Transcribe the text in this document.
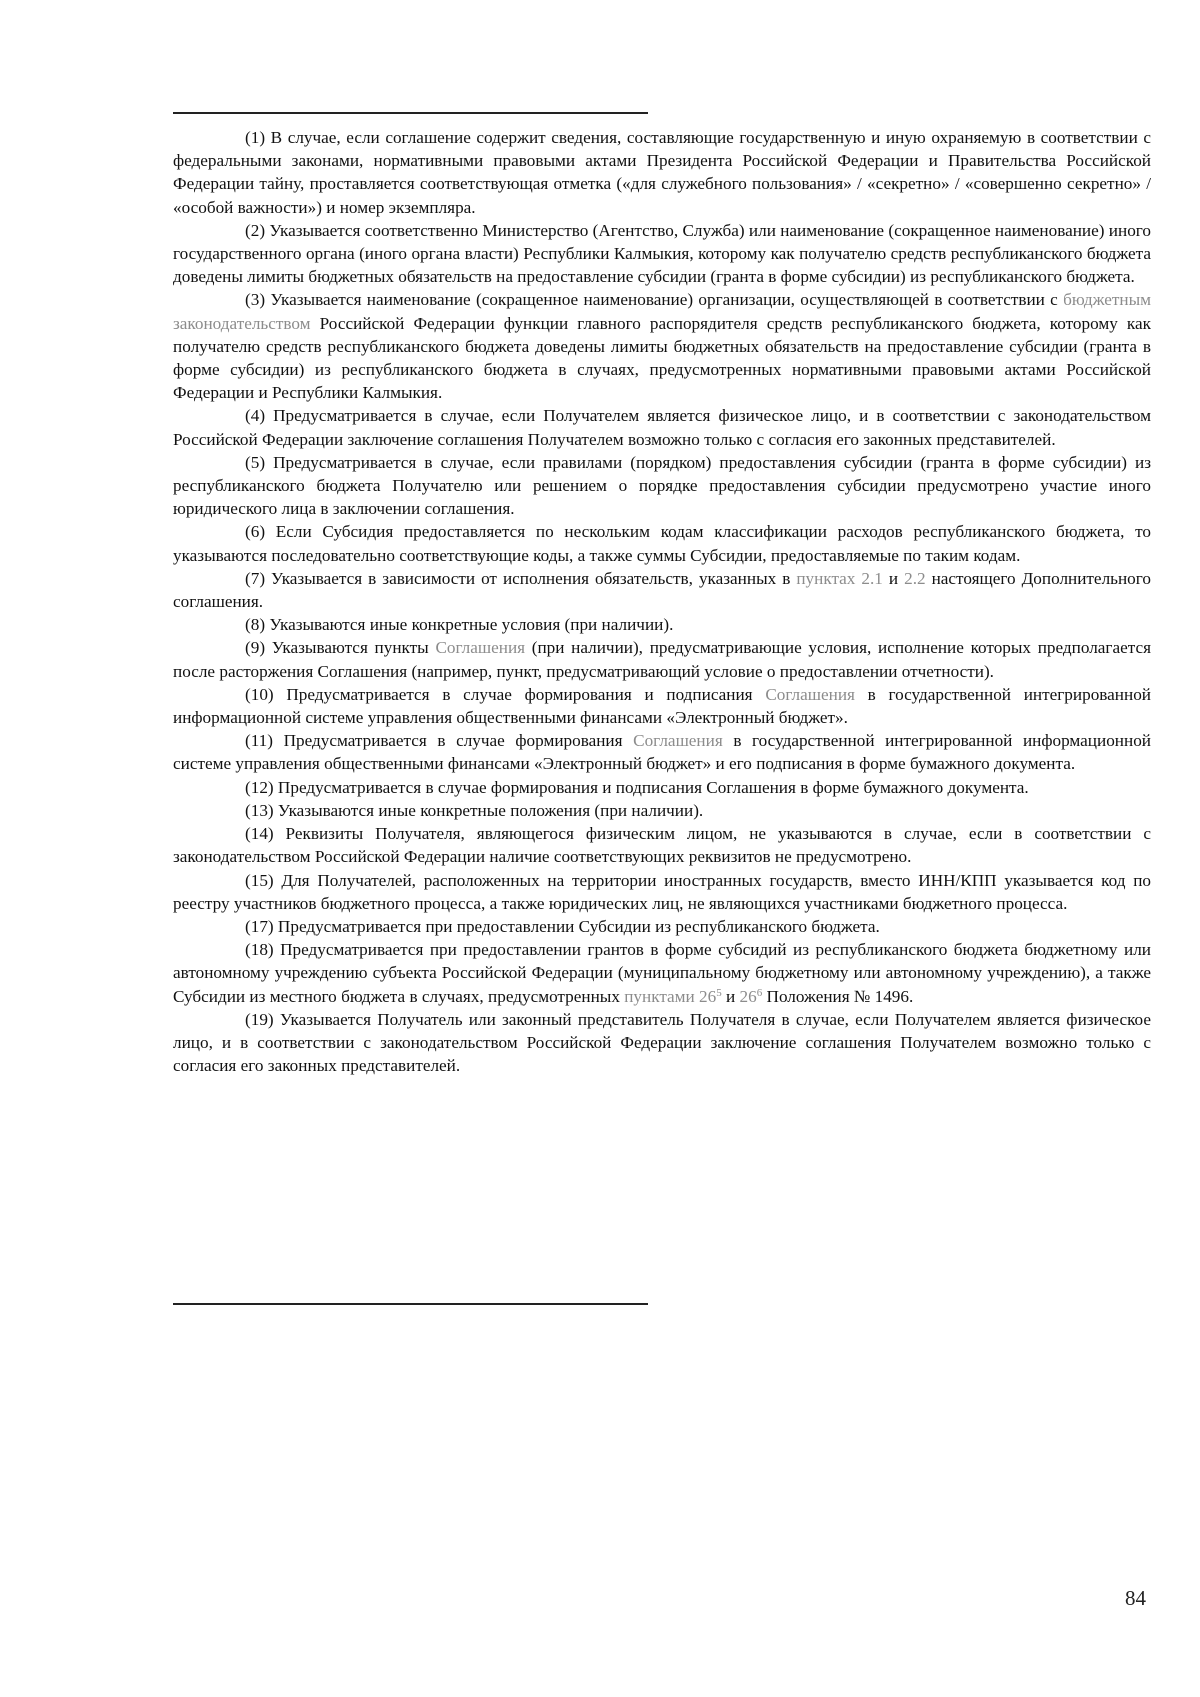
(1) В случае, если соглашение содержит сведения, составляющие государственную и иную охраняемую в соответствии с федеральными законами, нормативными правовыми актами Президента Российской Федерации и Правительства Российской Федерации тайну, проставляется соответствующая отметка («для служебного пользования» / «секретно» / «совершенно секретно» / «особой важности») и номер экземпляра.

(2) Указывается соответственно Министерство (Агентство, Служба) или наименование (сокращенное наименование) иного государственного органа (иного органа власти) Республики Калмыкия, которому как получателю средств республиканского бюджета доведены лимиты бюджетных обязательств на предоставление субсидии (гранта в форме субсидии) из республиканского бюджета.

(3) Указывается наименование (сокращенное наименование) организации, осуществляющей в соответствии с бюджетным законодательством Российской Федерации функции главного распорядителя средств республиканского бюджета, которому как получателю средств республиканского бюджета доведены лимиты бюджетных обязательств на предоставление субсидии (гранта в форме субсидии) из республиканского бюджета в случаях, предусмотренных нормативными правовыми актами Российской Федерации и Республики Калмыкия.

(4) Предусматривается в случае, если Получателем является физическое лицо, и в соответствии с законодательством Российской Федерации заключение соглашения Получателем возможно только с согласия его законных представителей.

(5) Предусматривается в случае, если правилами (порядком) предоставления субсидии (гранта в форме субсидии) из республиканского бюджета Получателю или решением о порядке предоставления субсидии предусмотрено участие иного юридического лица в заключении соглашения.

(6) Если Субсидия предоставляется по нескольким кодам классификации расходов республиканского бюджета, то указываются последовательно соответствующие коды, а также суммы Субсидии, предоставляемые по таким кодам.

(7) Указывается в зависимости от исполнения обязательств, указанных в пунктах 2.1 и 2.2 настоящего Дополнительного соглашения.

(8) Указываются иные конкретные условия (при наличии).

(9) Указываются пункты Соглашения (при наличии), предусматривающие условия, исполнение которых предполагается после расторжения Соглашения (например, пункт, предусматривающий условие о предоставлении отчетности).

(10) Предусматривается в случае формирования и подписания Соглашения в государственной интегрированной информационной системе управления общественными финансами «Электронный бюджет».

(11) Предусматривается в случае формирования Соглашения в государственной интегрированной информационной системе управления общественными финансами «Электронный бюджет» и его подписания в форме бумажного документа.

(12) Предусматривается в случае формирования и подписания Соглашения в форме бумажного документа.

(13) Указываются иные конкретные положения (при наличии).

(14) Реквизиты Получателя, являющегося физическим лицом, не указываются в случае, если в соответствии с законодательством Российской Федерации наличие соответствующих реквизитов не предусмотрено.

(15) Для Получателей, расположенных на территории иностранных государств, вместо ИНН/КПП указывается код по реестру участников бюджетного процесса, а также юридических лиц, не являющихся участниками бюджетного процесса.

(17) Предусматривается при предоставлении Субсидии из республиканского бюджета.

(18) Предусматривается при предоставлении грантов в форме субсидий из республиканского бюджета бюджетному или автономному учреждению субъекта Российской Федерации (муниципальному бюджетному или автономному учреждению), а также Субсидии из местного бюджета в случаях, предусмотренных пунктами $26^5$ и $26^6$ Положения № 1496.

(19) Указывается Получатель или законный представитель Получателя в случае, если Получателем является физическое лицо, и в соответствии с законодательством Российской Федерации заключение соглашения Получателем возможно только с согласия его законных представителей.

84
